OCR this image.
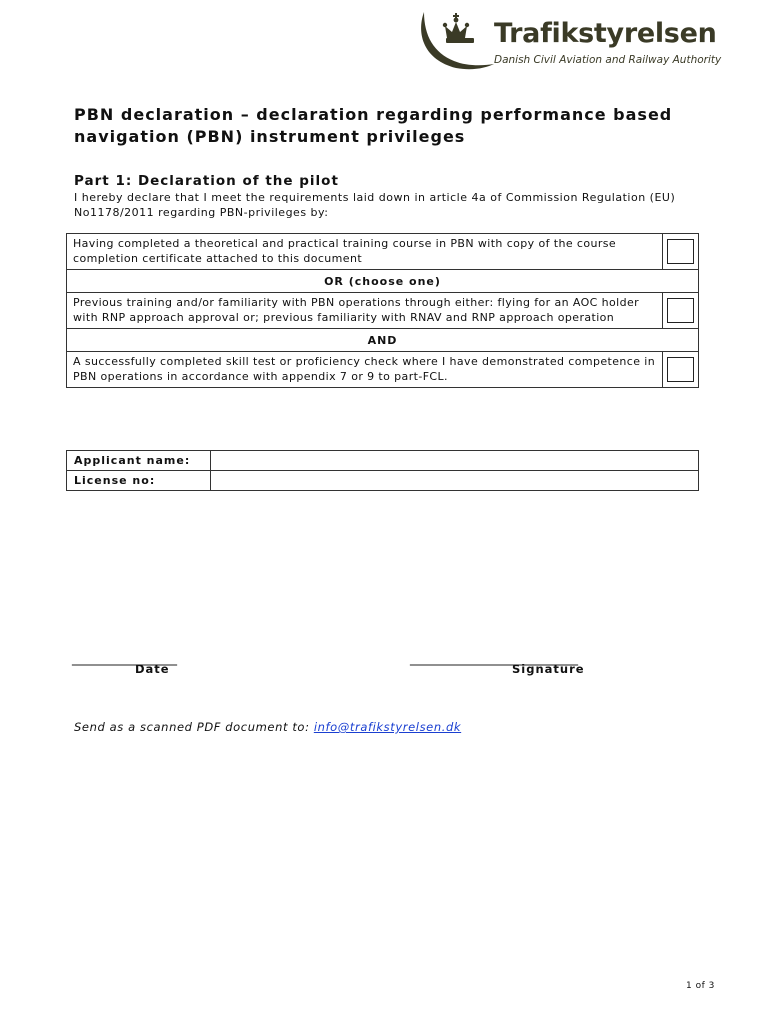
Trafikstyrelsen
Danish Civil Aviation and Railway Authority
PBN declaration – declaration regarding performance based navigation (PBN) instrument privileges
Part 1: Declaration of the pilot
I hereby declare that I meet the requirements laid down in article 4a of Commission Regulation (EU) No1178/2011 regarding PBN-privileges by:
Having completed a theoretical and practical training course in PBN with copy of the course completion certificate attached to this document	

OR (choose one)	
Previous training and/or familiarity with PBN operations through either: flying for an AOC holder with RNP approach approval or; previous familiarity with RNAV and RNP approach operation	

AND	
A successfully completed skill test or proficiency check where I have demonstrated competence in PBN operations in accordance with appendix 7 or 9 to part-FCL.	
Applicant name:	
License no:	
_______________
Date
________________________
Signature
Send as a scanned PDF document to: info@trafikstyrelsen.dk
1 of 3
